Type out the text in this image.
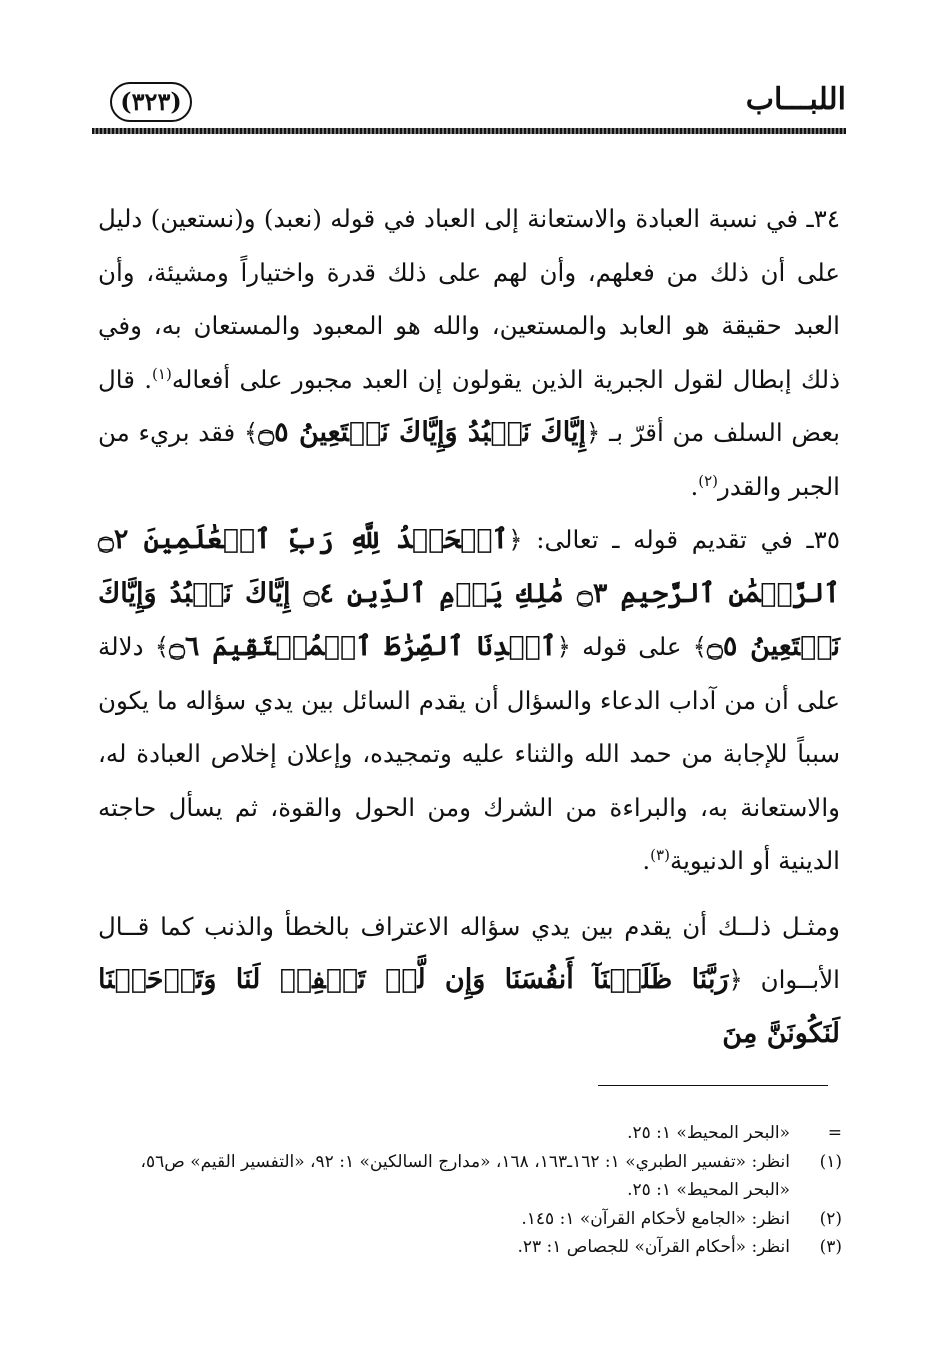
اللبـــاب
(٣٢٣)

٣٤ـ في نسبة العبادة والاستعانة إلى العباد في قوله (نعبد) و(نستعين) دليل على أن ذلك من فعلهم، وأن لهم على ذلك قدرة واختياراً ومشيئة، وأن العبد حقيقة هو العابد والمستعين، والله هو المعبود والمستعان به، وفي ذلك إبطال لقول الجبرية الذين يقولون إن العبد مجبور على أفعاله$^{(١)}$. قال بعض السلف من أقرّ بـ ﴿إِيَّاكَ نَعۡبُدُ وَإِيَّاكَ نَسۡتَعِينُ ۝٥﴾ فقد بريء من الجبر والقدر$^{(٢)}$.

٣٥ـ في تقديم قوله ـ تعالى: ﴿ٱلۡحَمۡدُ لِلَّهِ رَبِّ ٱلۡعَٰلَمِينَ ۝٢ ٱلرَّحۡمَٰنِ ٱلرَّحِيمِ ۝٣ مَٰلِكِ يَوۡمِ ٱلدِّينِ ۝٤ إِيَّاكَ نَعۡبُدُ وَإِيَّاكَ نَسۡتَعِينُ ۝٥﴾ على قوله ﴿ٱهۡدِنَا ٱلصِّرَٰطَ ٱلۡمُسۡتَقِيمَ ۝٦﴾ دلالة على أن من آداب الدعاء والسؤال أن يقدم السائل بين يدي سؤاله ما يكون سبباً للإجابة من حمد الله والثناء عليه وتمجيده، وإعلان إخلاص العبادة له، والاستعانة به، والبراءة من الشرك ومن الحول والقوة، ثم يسأل حاجته الدينية أو الدنيوية$^{(٣)}$.

ومثـل ذلــك أن يقدم بين يدي سؤاله الاعتراف بالخطأ والذنب كما قــال الأبــوان ﴿رَبَّنَا ظَلَمۡنَآ أَنفُسَنَا وَإِن لَّمۡ تَغۡفِرۡ لَنَا وَتَرۡحَمۡنَا لَنَكُونَنَّ مِنَ

=
«البحر المحيط» ١: ٢٥.
(١)
انظر: «تفسير الطبري» ١: ١٦٢ـ١٦٣، ١٦٨، «مدارج السالكين» ١: ٩٢، «التفسير القيم» ص٥٦، «البحر المحيط» ١: ٢٥.
(٢)
انظر: «الجامع لأحكام القرآن» ١: ١٤٥.
(٣)
انظر: «أحكام القرآن» للجصاص ١: ٢٣.
